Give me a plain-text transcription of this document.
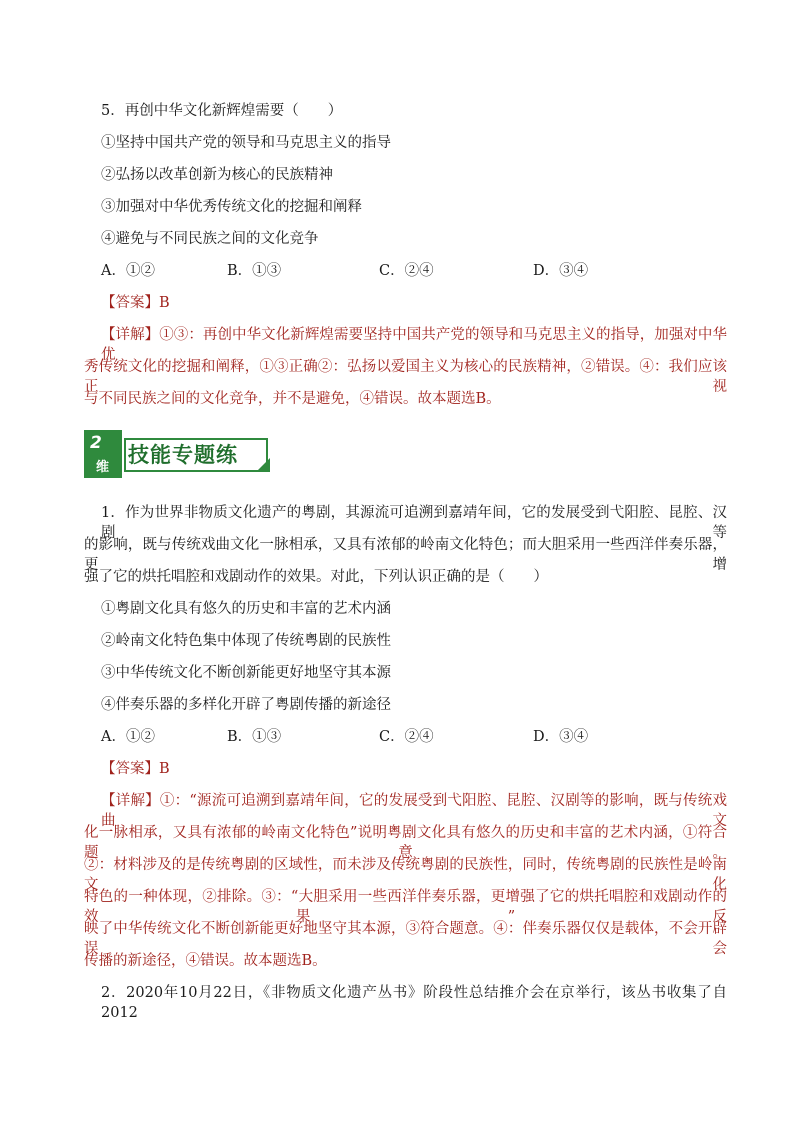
5．再创中华文化新辉煌需要（　　）
①坚持中国共产党的领导和马克思主义的指导
②弘扬以改革创新为核心的民族精神
③加强对中华优秀传统文化的挖掘和阐释
④避免与不同民族之间的文化竞争
A．①②	B．①③	C．②④	D．③④
【答案】B
【详解】①③：再创中华文化新辉煌需要坚持中国共产党的领导和马克思主义的指导，加强对中华优
秀传统文化的挖掘和阐释，①③正确②：弘扬以爱国主义为核心的民族精神，②错误。④：我们应该正视
与不同民族之间的文化竞争，并不是避免，④错误。故本题选B。
2
维
技能专题练
1．作为世界非物质文化遗产的粤剧，其源流可追溯到嘉靖年间，它的发展受到弋阳腔、昆腔、汉剧等
的影响，既与传统戏曲文化一脉相承，又具有浓郁的岭南文化特色；而大胆采用一些西洋伴奏乐器，更增
强了它的烘托唱腔和戏剧动作的效果。对此，下列认识正确的是（　　）
①粤剧文化具有悠久的历史和丰富的艺术内涵
②岭南文化特色集中体现了传统粤剧的民族性
③中华传统文化不断创新能更好地坚守其本源
④伴奏乐器的多样化开辟了粤剧传播的新途径
A．①②	B．①③	C．②④	D．③④
【答案】B
【详解】①：“源流可追溯到嘉靖年间，它的发展受到弋阳腔、昆腔、汉剧等的影响，既与传统戏曲文
化一脉相承，又具有浓郁的岭南文化特色”说明粤剧文化具有悠久的历史和丰富的艺术内涵，①符合题意。
②：材料涉及的是传统粤剧的区域性，而未涉及传统粤剧的民族性，同时，传统粤剧的民族性是岭南文化
特色的一种体现，②排除。③：“大胆采用一些西洋伴奏乐器，更增强了它的烘托唱腔和戏剧动作的效果”反
映了中华传统文化不断创新能更好地坚守其本源，③符合题意。④：伴奏乐器仅仅是载体，不会开辟误会
传播的新途径，④错误。故本题选B。
2．2020年10月22日，《非物质文化遗产丛书》阶段性总结推介会在京举行，该丛书收集了自2012
